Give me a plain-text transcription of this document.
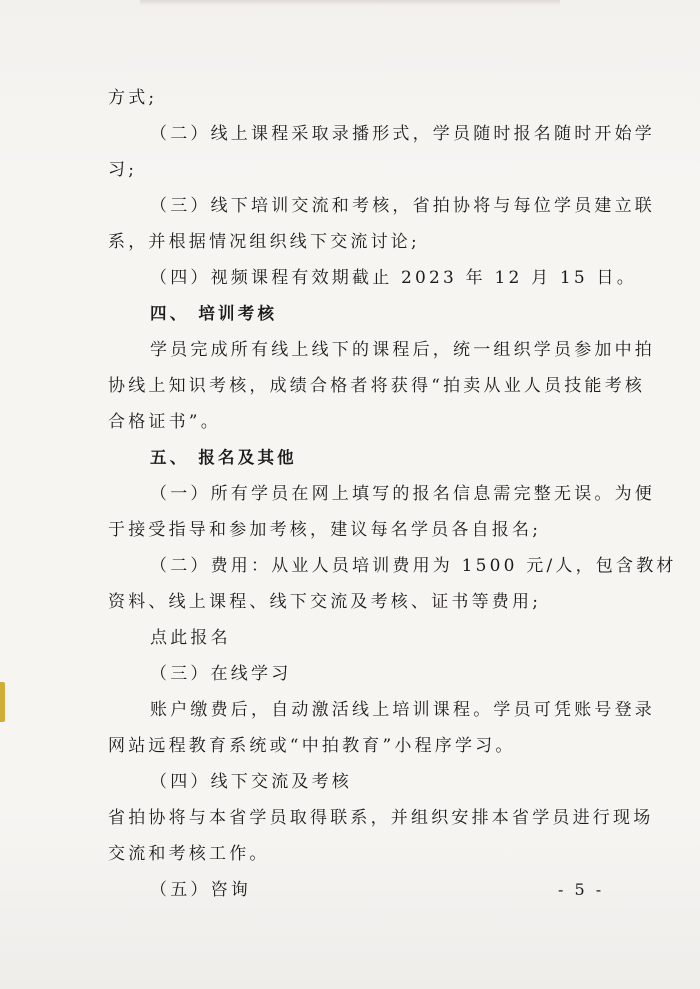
方式;
（二）线上课程采取录播形式，学员随时报名随时开始学
习;
（三）线下培训交流和考核，省拍协将与每位学员建立联
系，并根据情况组织线下交流讨论;
（四）视频课程有效期截止 2023 年 12 月 15 日。
四、 培训考核
学员完成所有线上线下的课程后，统一组织学员参加中拍
协线上知识考核，成绩合格者将获得“拍卖从业人员技能考核
合格证书”。
五、 报名及其他
（一）所有学员在网上填写的报名信息需完整无误。为便
于接受指导和参加考核，建议每名学员各自报名;
（二）费用：从业人员培训费用为 1500 元/人，包含教材
资料、线上课程、线下交流及考核、证书等费用;
点此报名
（三）在线学习
账户缴费后，自动激活线上培训课程。学员可凭账号登录
网站远程教育系统或“中拍教育”小程序学习。
（四）线下交流及考核
省拍协将与本省学员取得联系，并组织安排本省学员进行现场
交流和考核工作。
（五）咨询	- 5 -
